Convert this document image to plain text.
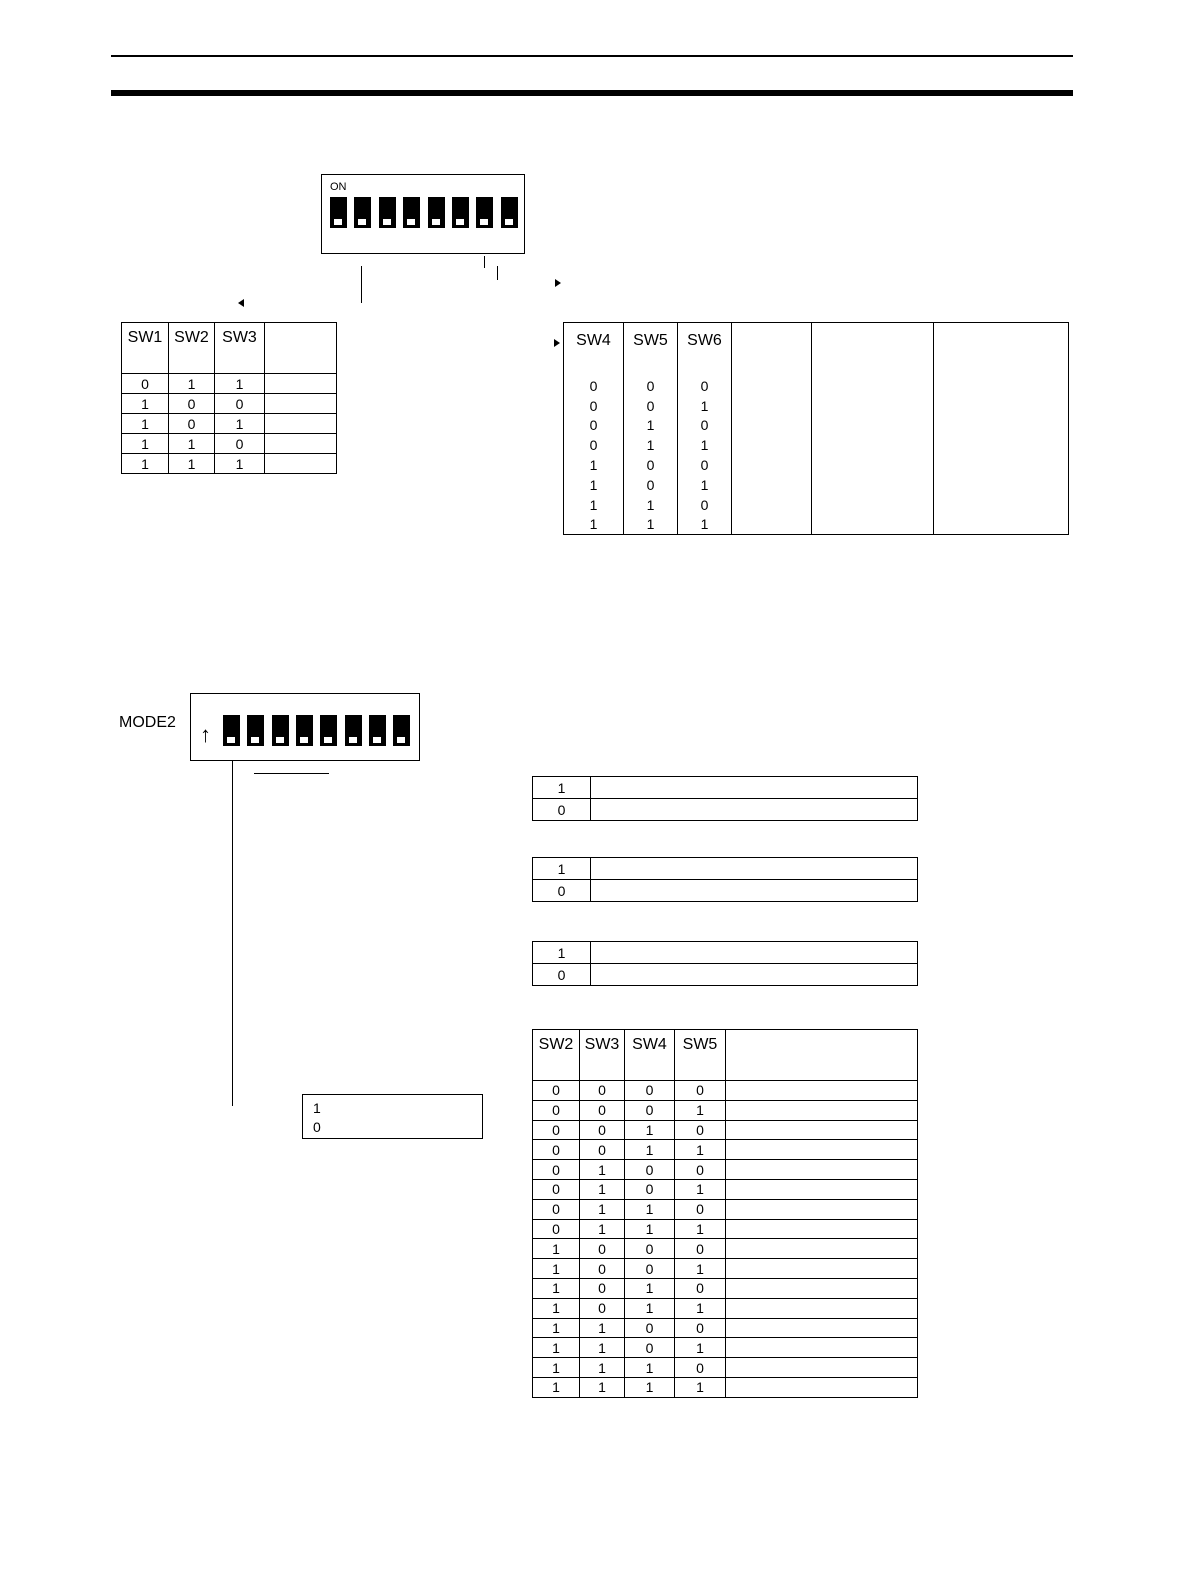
ON
SW1	SW2	SW3	
0	1	1	
1	0	0	
1	0	1	
1	1	0	
1	1	1	
SW4	SW5	SW6			
0	0	0			
0	0	1			
0	1	0			
0	1	1			
1	0	0			
1	0	1			
1	1	0			
1	1	1			
MODE2 ↑
1	
0	
1	
0	
1	
0	
1
0
SW2	SW3	SW4	SW5	
0	0	0	0	
0	0	0	1	
0	0	1	0	
0	0	1	1	
0	1	0	0	
0	1	0	1	
0	1	1	0	
0	1	1	1	
1	0	0	0	
1	0	0	1	
1	0	1	0	
1	0	1	1	
1	1	0	0	
1	1	0	1	
1	1	1	0	
1	1	1	1	
